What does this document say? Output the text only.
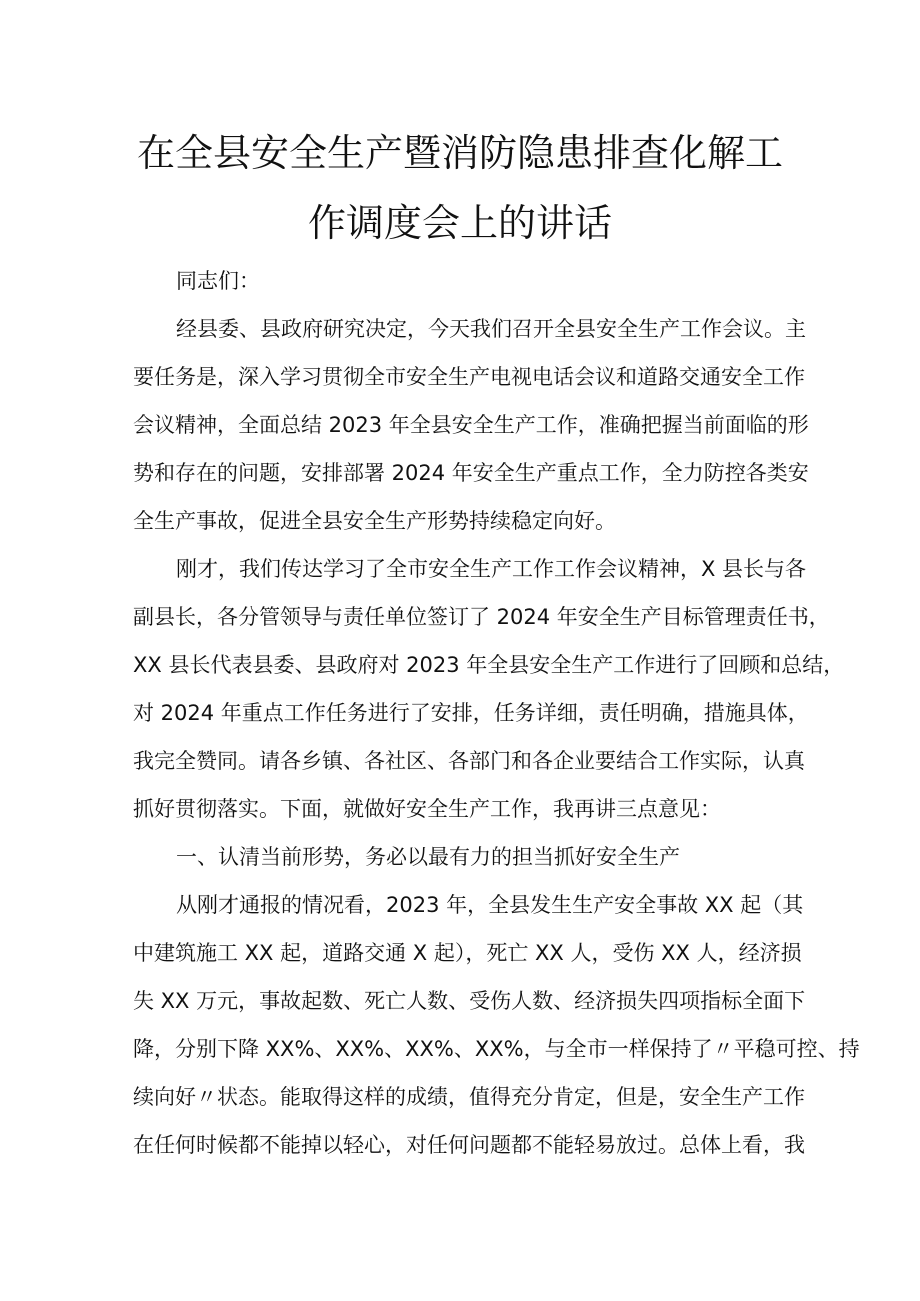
在全县安全生产暨消防隐患排查化解工
作调度会上的讲话

同志们：

经县委、县政府研究决定，今天我们召开全县安全生产工作会议。主

要任务是，深入学习贯彻全市安全生产电视电话会议和道路交通安全工作

会议精神，全面总结 2023 年全县安全生产工作，准确把握当前面临的形

势和存在的问题，安排部署 2024 年安全生产重点工作，全力防控各类安

全生产事故，促进全县安全生产形势持续稳定向好。

刚才，我们传达学习了全市安全生产工作工作会议精神，X 县长与各

副县长，各分管领导与责任单位签订了 2024 年安全生产目标管理责任书，

XX 县长代表县委、县政府对 2023 年全县安全生产工作进行了回顾和总结，

对 2024 年重点工作任务进行了安排，任务详细，责任明确，措施具体，

我完全赞同。请各乡镇、各社区、各部门和各企业要结合工作实际，认真

抓好贯彻落实。下面，就做好安全生产工作，我再讲三点意见：

一、认清当前形势，务必以最有力的担当抓好安全生产

从刚才通报的情况看，2023 年，全县发生生产安全事故 XX 起（其

中建筑施工 XX 起，道路交通 X 起），死亡 XX 人，受伤 XX 人，经济损

失 XX 万元，事故起数、死亡人数、受伤人数、经济损失四项指标全面下

降，分别下降 XX%、XX%、XX%、XX%，与全市一样保持了〃平稳可控、持

续向好〃状态。能取得这样的成绩，值得充分肯定，但是，安全生产工作

在任何时候都不能掉以轻心，对任何问题都不能轻易放过。总体上看，我
